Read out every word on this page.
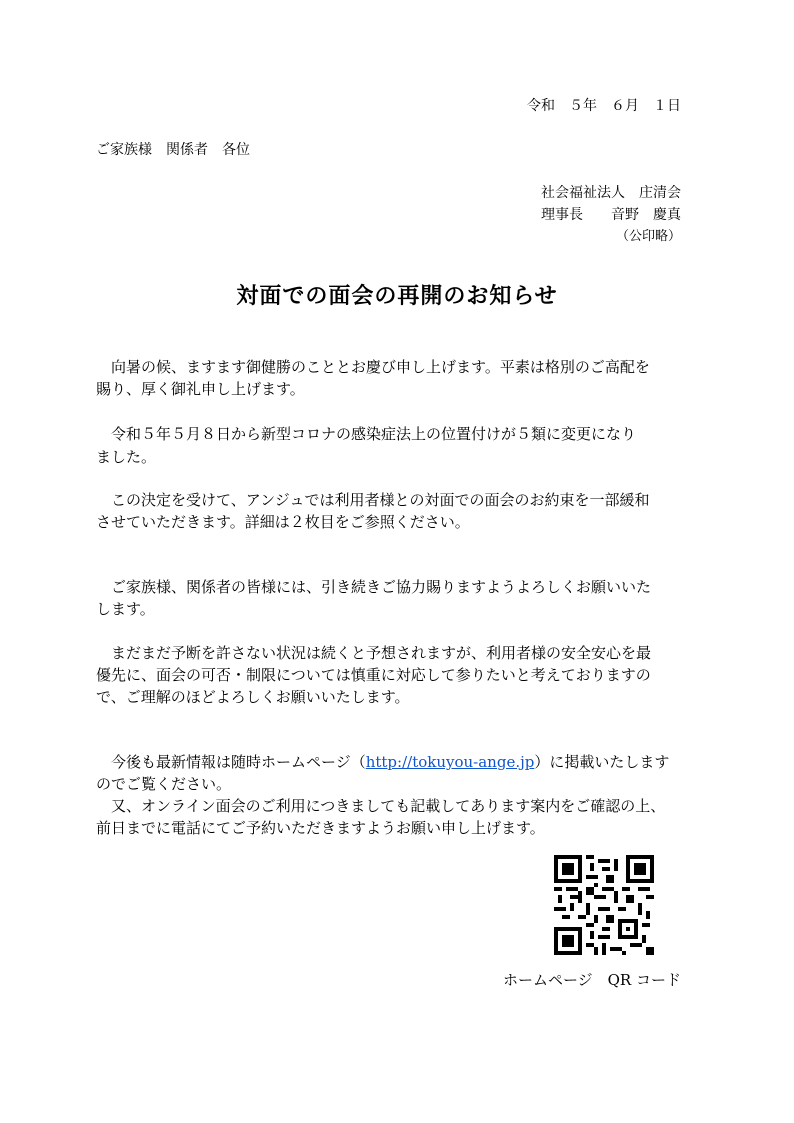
令和　５年　６月　１日
ご家族様　関係者　各位
社会福祉法人　庄清会
理事長　　音野　慶真
（公印略）
対面での面会の再開のお知らせ
　向暑の候、ますます御健勝のこととお慶び申し上げます。平素は格別のご高配を
賜り、厚く御礼申し上げます。
　令和５年５月８日から新型コロナの感染症法上の位置付けが５類に変更になり
ました。
　この決定を受けて、アンジュでは利用者様との対面での面会のお約束を一部緩和
させていただきます。詳細は２枚目をご参照ください。
　ご家族様、関係者の皆様には、引き続きご協力賜りますようよろしくお願いいた
します。
　まだまだ予断を許さない状況は続くと予想されますが、利用者様の安全安心を最
優先に、面会の可否・制限については慎重に対応して参りたいと考えておりますの
で、ご理解のほどよろしくお願いいたします。
　今後も最新情報は随時ホームページ（http://tokuyou-ange.jp）に掲載いたします
のでご覧ください。
　又、オンライン面会のご利用につきましても記載してあります案内をご確認の上、
前日までに電話にてご予約いただきますようお願い申し上げます。
ホームページ　QR コード
